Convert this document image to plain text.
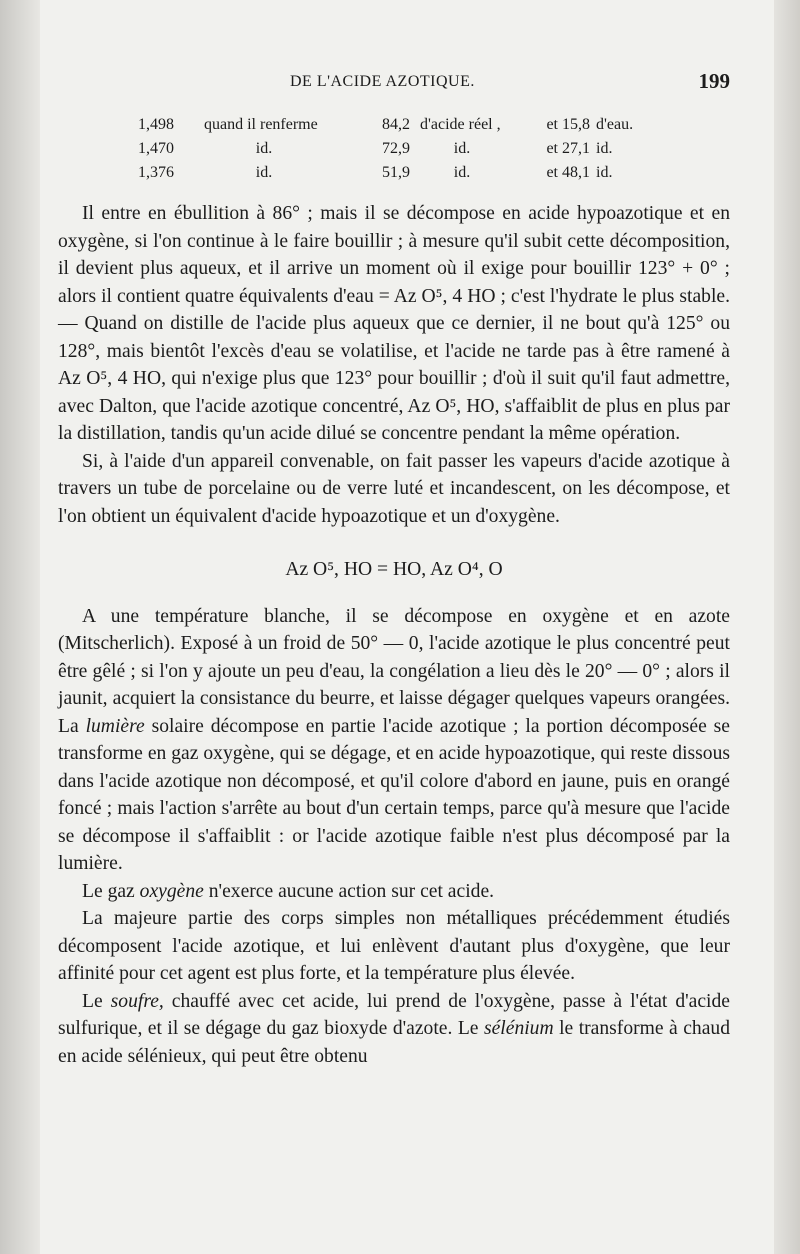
DE L'ACIDE AZOTIQUE.	199
1,498	quand il renferme	84,2	d'acide réel ,	et 15,8	d'eau.
1,470	id.	72,9	id.	et 27,1	id.
1,376	id.	51,9	id.	et 48,1	id.

Il entre en ébullition à 86° ; mais il se décompose en acide hypoazotique et en oxygène, si l'on continue à le faire bouillir ; à mesure qu'il subit cette décomposition, il devient plus aqueux, et il arrive un moment où il exige pour bouillir 123° + 0° ; alors il contient quatre équivalents d'eau = Az O⁵, 4 HO ; c'est l'hydrate le plus stable. — Quand on distille de l'acide plus aqueux que ce dernier, il ne bout qu'à 125° ou 128°, mais bientôt l'excès d'eau se volatilise, et l'acide ne tarde pas à être ramené à Az O⁵, 4 HO, qui n'exige plus que 123° pour bouillir ; d'où il suit qu'il faut admettre, avec Dalton, que l'acide azotique concentré, Az O⁵, HO, s'affaiblit de plus en plus par la distillation, tandis qu'un acide dilué se concentre pendant la même opération.

Si, à l'aide d'un appareil convenable, on fait passer les vapeurs d'acide azotique à travers un tube de porcelaine ou de verre luté et incandescent, on les décompose, et l'on obtient un équivalent d'acide hypoazotique et un d'oxygène.

Az O⁵, HO = HO, Az O⁴, O

A une température blanche, il se décompose en oxygène et en azote (Mitscherlich). Exposé à un froid de 50° — 0, l'acide azotique le plus concentré peut être gêlé ; si l'on y ajoute un peu d'eau, la congélation a lieu dès le 20° — 0° ; alors il jaunit, acquiert la consistance du beurre, et laisse dégager quelques vapeurs orangées. La lumière solaire décompose en partie l'acide azotique ; la portion décomposée se transforme en gaz oxygène, qui se dégage, et en acide hypoazotique, qui reste dissous dans l'acide azotique non décomposé, et qu'il colore d'abord en jaune, puis en orangé foncé ; mais l'action s'arrête au bout d'un certain temps, parce qu'à mesure que l'acide se décompose il s'affaiblit : or l'acide azotique faible n'est plus décomposé par la lumière.

Le gaz oxygène n'exerce aucune action sur cet acide.

La majeure partie des corps simples non métalliques précédemment étudiés décomposent l'acide azotique, et lui enlèvent d'autant plus d'oxygène, que leur affinité pour cet agent est plus forte, et la température plus élevée.

Le soufre, chauffé avec cet acide, lui prend de l'oxygène, passe à l'état d'acide sulfurique, et il se dégage du gaz bioxyde d'azote. Le sélénium le transforme à chaud en acide sélénieux, qui peut être obtenu
